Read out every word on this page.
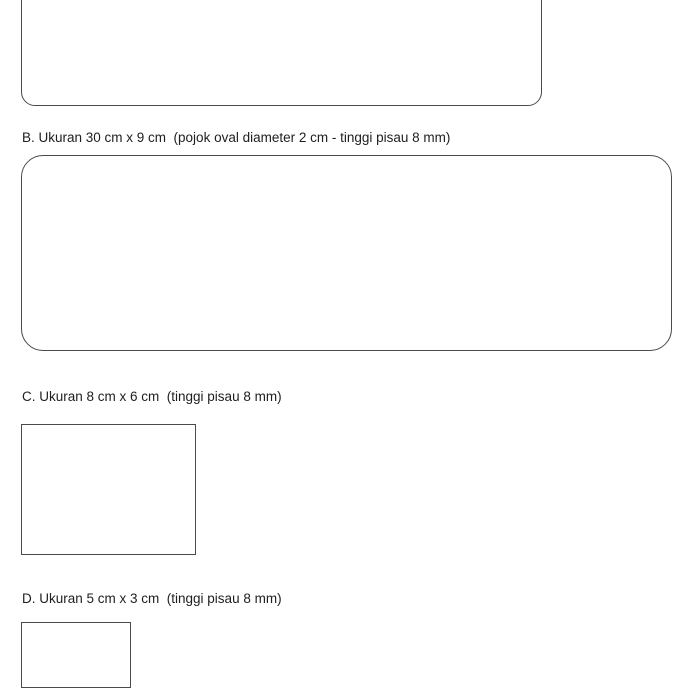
B. Ukuran 30 cm x 9 cm  (pojok oval diameter 2 cm - tinggi pisau 8 mm)
C. Ukuran 8 cm x 6 cm  (tinggi pisau 8 mm)
D. Ukuran 5 cm x 3 cm  (tinggi pisau 8 mm)
